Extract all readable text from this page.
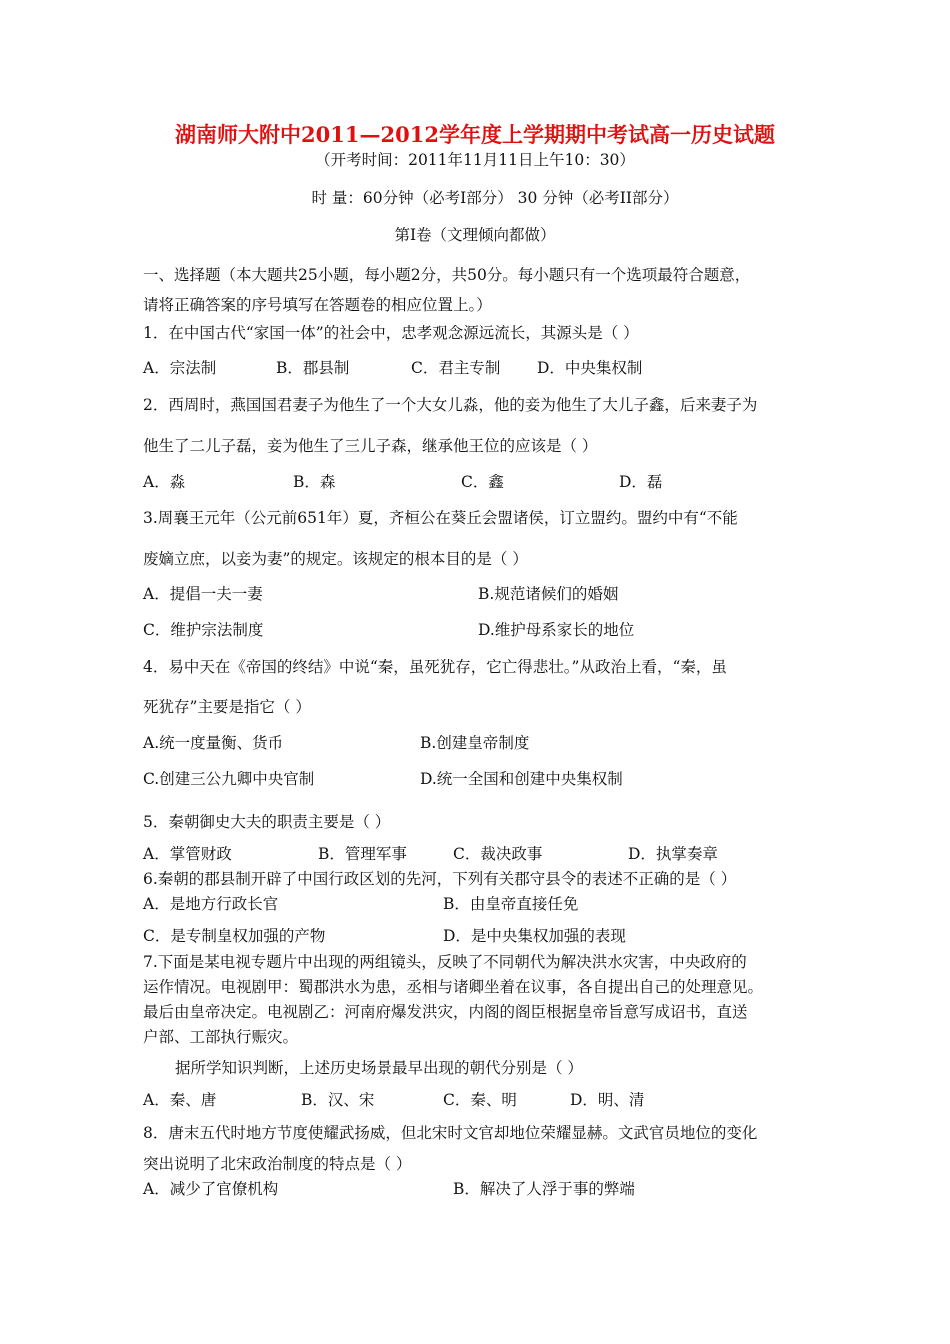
湖南师大附中2011—2012学年度上学期期中考试高一历史试题
（开考时间：2011年11月11日上午10：30）
时 量：60分钟（必考Ⅰ部分） 30 分钟（必考II部分）
第Ⅰ卷（文理倾向都做）
一、选择题（本大题共25小题，每小题2分，共50分。每小题只有一个选项最符合题意，
请将正确答案的序号填写在答题卷的相应位置上。）
1．在中国古代“家国一体”的社会中，忠孝观念源远流长，其源头是（ ）
A．宗法制	B．郡县制	C．君主专制 D．中央集权制
2．西周时，燕国国君妻子为他生了一个大女儿淼，他的妾为他生了大儿子鑫，后来妻子为
他生了二儿子磊，妾为他生了三儿子森，继承他王位的应该是（ ）
A．淼	B．森	C．鑫	D．磊
3.周襄王元年（公元前651年）夏，齐桓公在葵丘会盟诸侯，订立盟约。盟约中有“不能
废嫡立庶，以妾为妻”的规定。该规定的根本目的是（ ）
A．提倡一夫一妻	B.规范诸候们的婚姻
C．维护宗法制度	D.维护母系家长的地位
4．易中天在《帝国的终结》中说“秦，虽死犹存，它亡得悲壮。”从政治上看，“秦，虽
死犹存”主要是指它（ ）
A.统一度量衡、货币	B.创建皇帝制度
C.创建三公九卿中央官制	D.统一全国和创建中央集权制
5．秦朝御史大夫的职责主要是（ ）
A．掌管财政	B．管理军事	C．裁决政事	D．执掌奏章
6.秦朝的郡县制开辟了中国行政区划的先河，下列有关郡守县令的表述不正确的是（ ）
A．是地方行政长官	B．由皇帝直接任免
C．是专制皇权加强的产物	D．是中央集权加强的表现
7.下面是某电视专题片中出现的两组镜头，反映了不同朝代为解决洪水灾害，中央政府的
运作情况。电视剧甲：蜀郡洪水为患，丞相与诸卿坐着在议事，各自提出自己的处理意见。
最后由皇帝决定。电视剧乙：河南府爆发洪灾，内阁的阁臣根据皇帝旨意写成诏书，直送
户部、工部执行赈灾。
据所学知识判断，上述历史场景最早出现的朝代分别是（ ）
A．秦、唐	B．汉、宋	C．秦、明	D．明、清
8．唐末五代时地方节度使耀武扬威，但北宋时文官却地位荣耀显赫。文武官员地位的变化
突出说明了北宋政治制度的特点是（ ）
A．减少了官僚机构	B．解决了人浮于事的弊端
